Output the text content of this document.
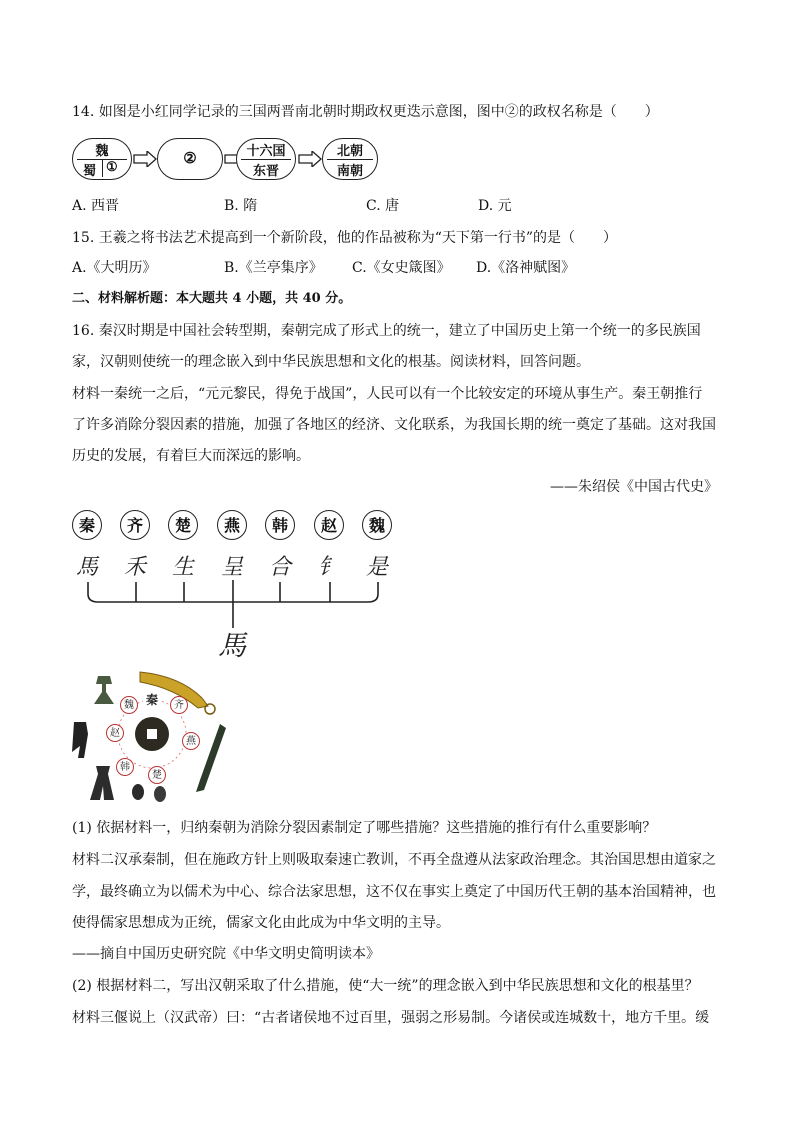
14. 如图是小红同学记录的三国两晋南北朝时期政权更迭示意图，图中②的政权名称是（　　）
魏
蜀 ①
②	十六国
东晋
北朝
南朝
A. 西晋	B. 隋	C. 唐	D. 元
15. 王羲之将书法艺术提高到一个新阶段，他的作品被称为“天下第一行书”的是（　　）
A.《大明历》	B.《兰亭集序》 C.《女史箴图》 D.《洛神赋图》
二、材料解析题：本大题共 4 小题，共 40 分。
16. 秦汉时期是中国社会转型期，秦朝完成了形式上的统一，建立了中国历史上第一个统一的多民族国
家，汉朝则使统一的理念嵌入到中华民族思想和文化的根基。阅读材料，回答问题。
材料一秦统一之后，“元元黎民，得免于战国”，人民可以有一个比较安定的环境从事生产。秦王朝推行
了许多消除分裂因素的措施，加强了各地区的经济、文化联系，为我国长期的统一奠定了基础。这对我国
历史的发展，有着巨大而深远的影响。
——朱绍侯《中国古代史》
秦	齐	楚	燕	韩	赵	魏
馬 禾 生 呈 合 钅 是
馬
秦	齐
魏
赵
燕
韩
楚
(1) 依据材料一，归纳秦朝为消除分裂因素制定了哪些措施？这些措施的推行有什么重要影响？
材料二汉承秦制，但在施政方针上则吸取秦速亡教训，不再全盘遵从法家政治理念。其治国思想由道家之
学，最终确立为以儒术为中心、综合法家思想，这不仅在事实上奠定了中国历代王朝的基本治国精神，也
使得儒家思想成为正统，儒家文化由此成为中华文明的主导。
——摘自中国历史研究院《中华文明史简明读本》
(2) 根据材料二，写出汉朝采取了什么措施，使“大一统”的理念嵌入到中华民族思想和文化的根基里？
材料三偃说上（汉武帝）曰：“古者诸侯地不过百里，强弱之形易制。今诸侯或连城数十，地方千里。缓
